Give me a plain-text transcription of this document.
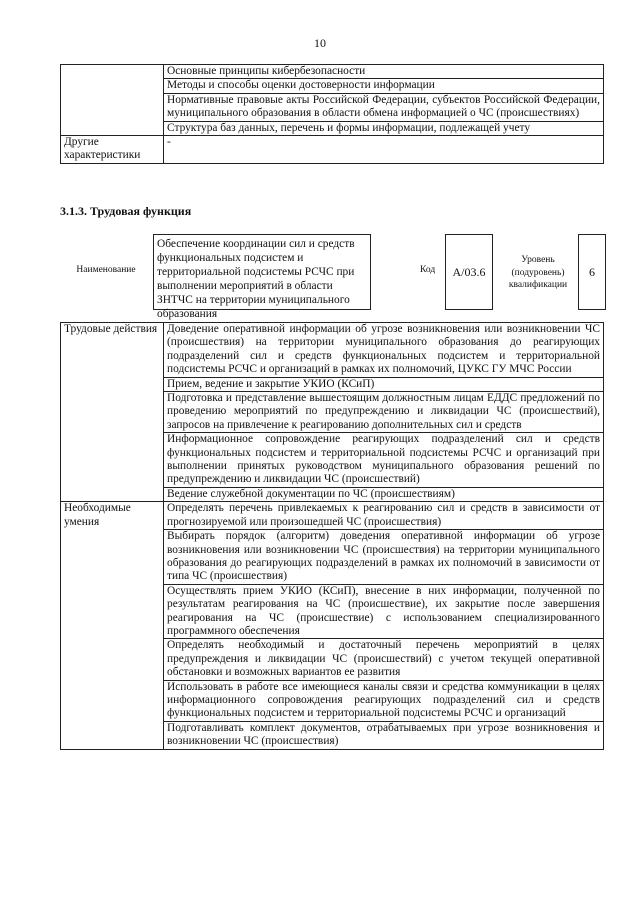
10
	Основные принципы кибербезопасности
	Методы и способы оценки достоверности информации
	Нормативные правовые акты Российской Федерации, субъектов Российской Федерации, муниципального образования в области обмена информацией о ЧС (происшествиях)
	Структура баз данных, перечень и формы информации, подлежащей учету
Другие характеристики	-
3.1.3. Трудовая функция
Наименование
Обеспечение координации сил и средств функциональных подсистем и территориальной подсистемы РСЧС при выполнении мероприятий в области ЗНТЧС на территории муниципального образования
Код	А/03.6
Уровень (подуровень) квалификации
6
Трудовые действия	Доведение оперативной информации об угрозе возникновения или возникновении ЧС (происшествия) на территории муниципального образования до реагирующих подразделений сил и средств функциональных подсистем и территориальной подсистемы РСЧС и организаций в рамках их полномочий, ЦУКС ГУ МЧС России
	Прием, ведение и закрытие УКИО (КСиП)
	Подготовка и представление вышестоящим должностным лицам ЕДДС предложений по проведению мероприятий по предупреждению и ликвидации ЧС (происшествий), запросов на привлечение к реагированию дополнительных сил и средств
	Информационное сопровождение реагирующих подразделений сил и средств функциональных подсистем и территориальной подсистемы РСЧС и организаций при выполнении принятых руководством муниципального образования решений по предупреждению и ликвидации ЧС (происшествий)
	Ведение служебной документации по ЧС (происшествиям)
Необходимые умения	Определять перечень привлекаемых к реагированию сил и средств в зависимости от прогнозируемой или произошедшей ЧС (происшествия)
	Выбирать порядок (алгоритм) доведения оперативной информации об угрозе возникновения или возникновении ЧС (происшествия) на территории муниципального образования до реагирующих подразделений в рамках их полномочий в зависимости от типа ЧС (происшествия)
	Осуществлять прием УКИО (КСиП), внесение в них информации, полученной по результатам реагирования на ЧС (происшествие), их закрытие после завершения реагирования на ЧС (происшествие) с использованием специализированного программного обеспечения
	Определять необходимый и достаточный перечень мероприятий в целях предупреждения и ликвидации ЧС (происшествий) с учетом текущей оперативной обстановки и возможных вариантов ее развития
	Использовать в работе все имеющиеся каналы связи и средства коммуникации в целях информационного сопровождения реагирующих подразделений сил и средств функциональных подсистем и территориальной подсистемы РСЧС и организаций
	Подготавливать комплект документов, отрабатываемых при угрозе возникновения и возникновении ЧС (происшествия)
